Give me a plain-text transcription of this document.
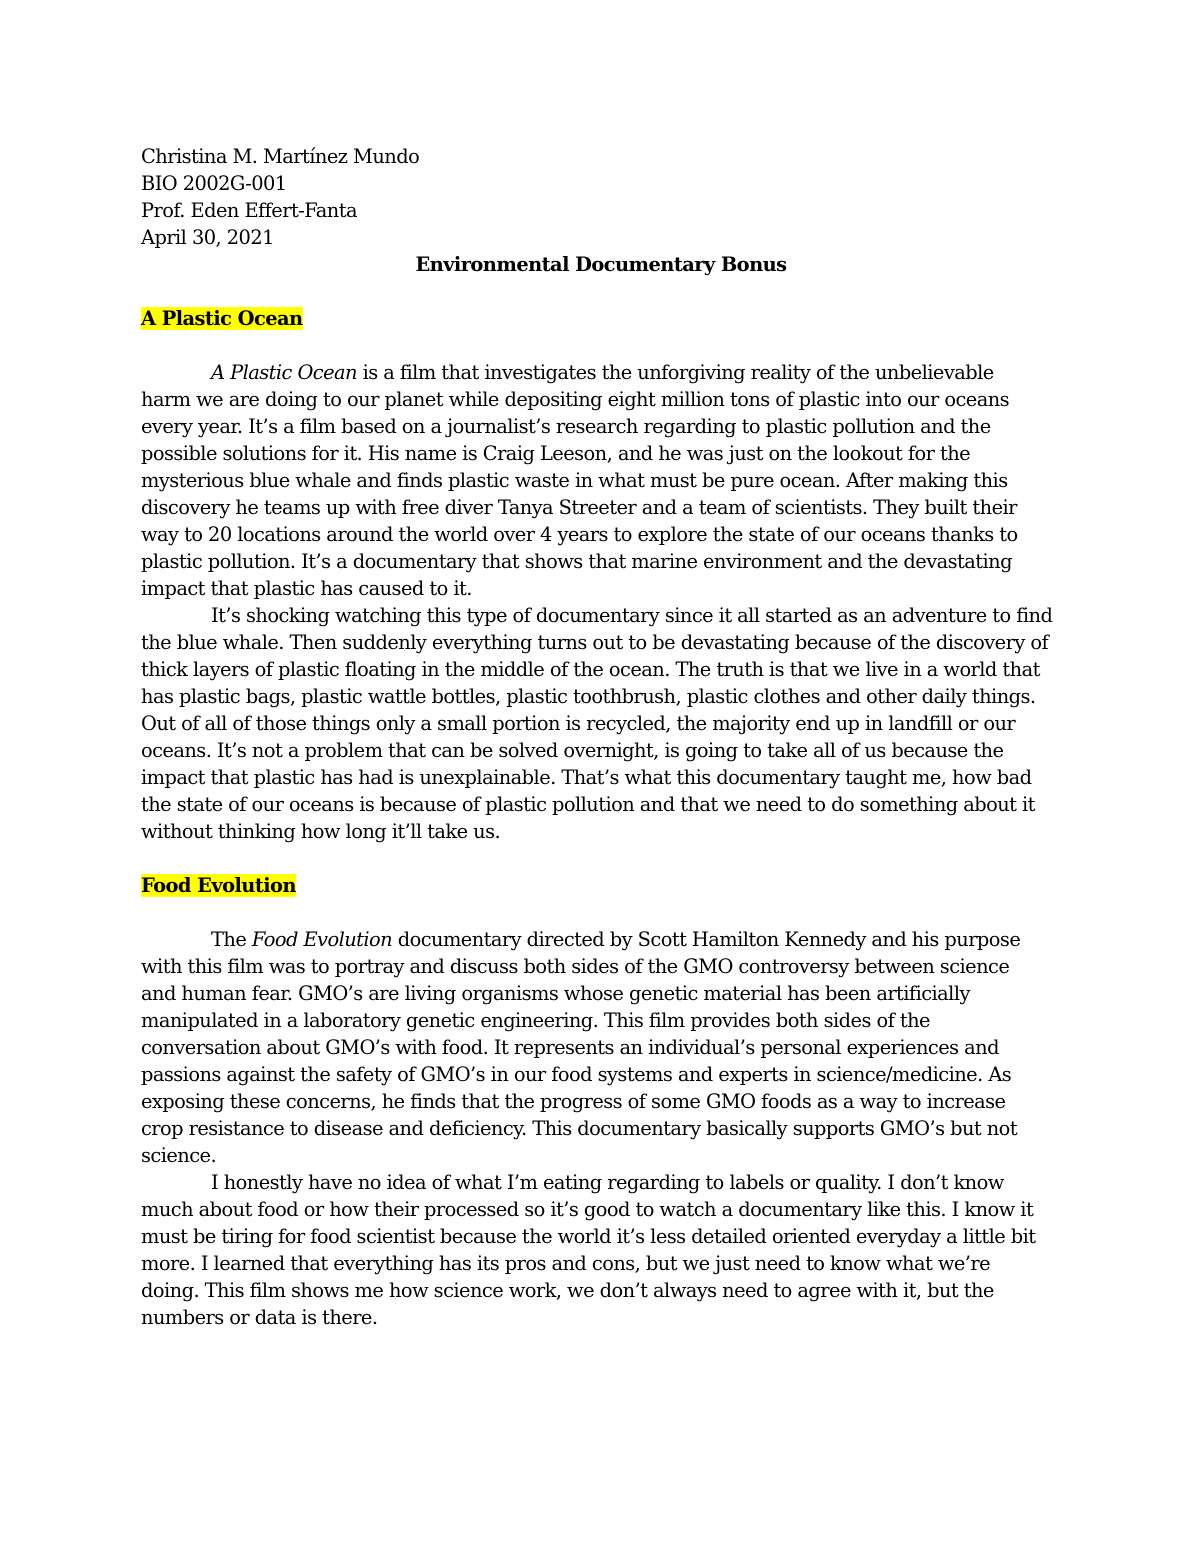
Christina M. Martínez Mundo
BIO 2002G-001
Prof. Eden Effert-Fanta
April 30, 2021
Environmental Documentary Bonus
A Plastic Ocean
A Plastic Ocean is a film that investigates the unforgiving reality of the unbelievable
harm we are doing to our planet while depositing eight million tons of plastic into our oceans
every year. It’s a film based on a journalist’s research regarding to plastic pollution and the
possible solutions for it. His name is Craig Leeson, and he was just on the lookout for the
mysterious blue whale and finds plastic waste in what must be pure ocean. After making this
discovery he teams up with free diver Tanya Streeter and a team of scientists. They built their
way to 20 locations around the world over 4 years to explore the state of our oceans thanks to
plastic pollution. It’s a documentary that shows that marine environment and the devastating
impact that plastic has caused to it.
It’s shocking watching this type of documentary since it all started as an adventure to find
the blue whale. Then suddenly everything turns out to be devastating because of the discovery of
thick layers of plastic floating in the middle of the ocean. The truth is that we live in a world that
has plastic bags, plastic wattle bottles, plastic toothbrush, plastic clothes and other daily things.
Out of all of those things only a small portion is recycled, the majority end up in landfill or our
oceans. It’s not a problem that can be solved overnight, is going to take all of us because the
impact that plastic has had is unexplainable. That’s what this documentary taught me, how bad
the state of our oceans is because of plastic pollution and that we need to do something about it
without thinking how long it’ll take us.
Food Evolution
The Food Evolution documentary directed by Scott Hamilton Kennedy and his purpose
with this film was to portray and discuss both sides of the GMO controversy between science
and human fear. GMO’s are living organisms whose genetic material has been artificially
manipulated in a laboratory genetic engineering. This film provides both sides of the
conversation about GMO’s with food. It represents an individual’s personal experiences and
passions against the safety of GMO’s in our food systems and experts in science/medicine. As
exposing these concerns, he finds that the progress of some GMO foods as a way to increase
crop resistance to disease and deficiency. This documentary basically supports GMO’s but not
science.
I honestly have no idea of what I’m eating regarding to labels or quality. I don’t know
much about food or how their processed so it’s good to watch a documentary like this. I know it
must be tiring for food scientist because the world it’s less detailed oriented everyday a little bit
more. I learned that everything has its pros and cons, but we just need to know what we’re
doing. This film shows me how science work, we don’t always need to agree with it, but the
numbers or data is there.
